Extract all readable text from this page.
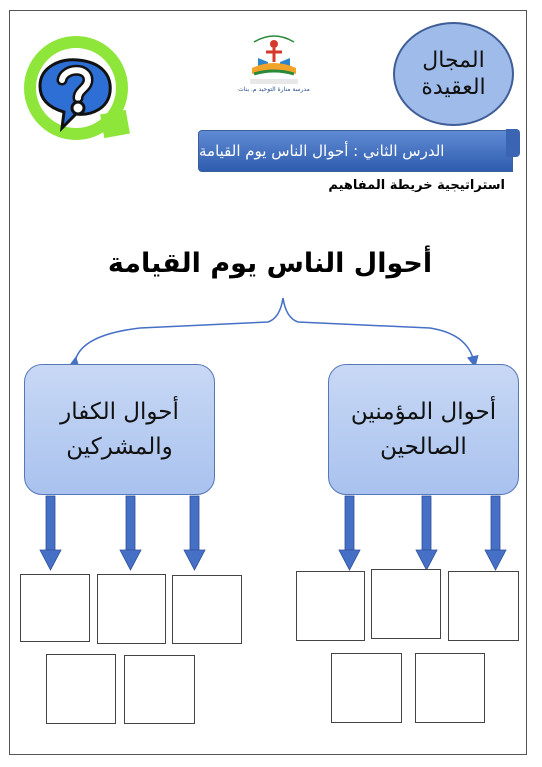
مدرسة منارة التوحيد م. بنات
المجال
العقيدة
الدرس الثاني : أحوال الناس يوم القيامة
استراتيجية خريطة المفاهيم
أحوال الناس يوم القيامة
أحوال المؤمنين
الصالحين
أحوال الكفار
والمشركين
